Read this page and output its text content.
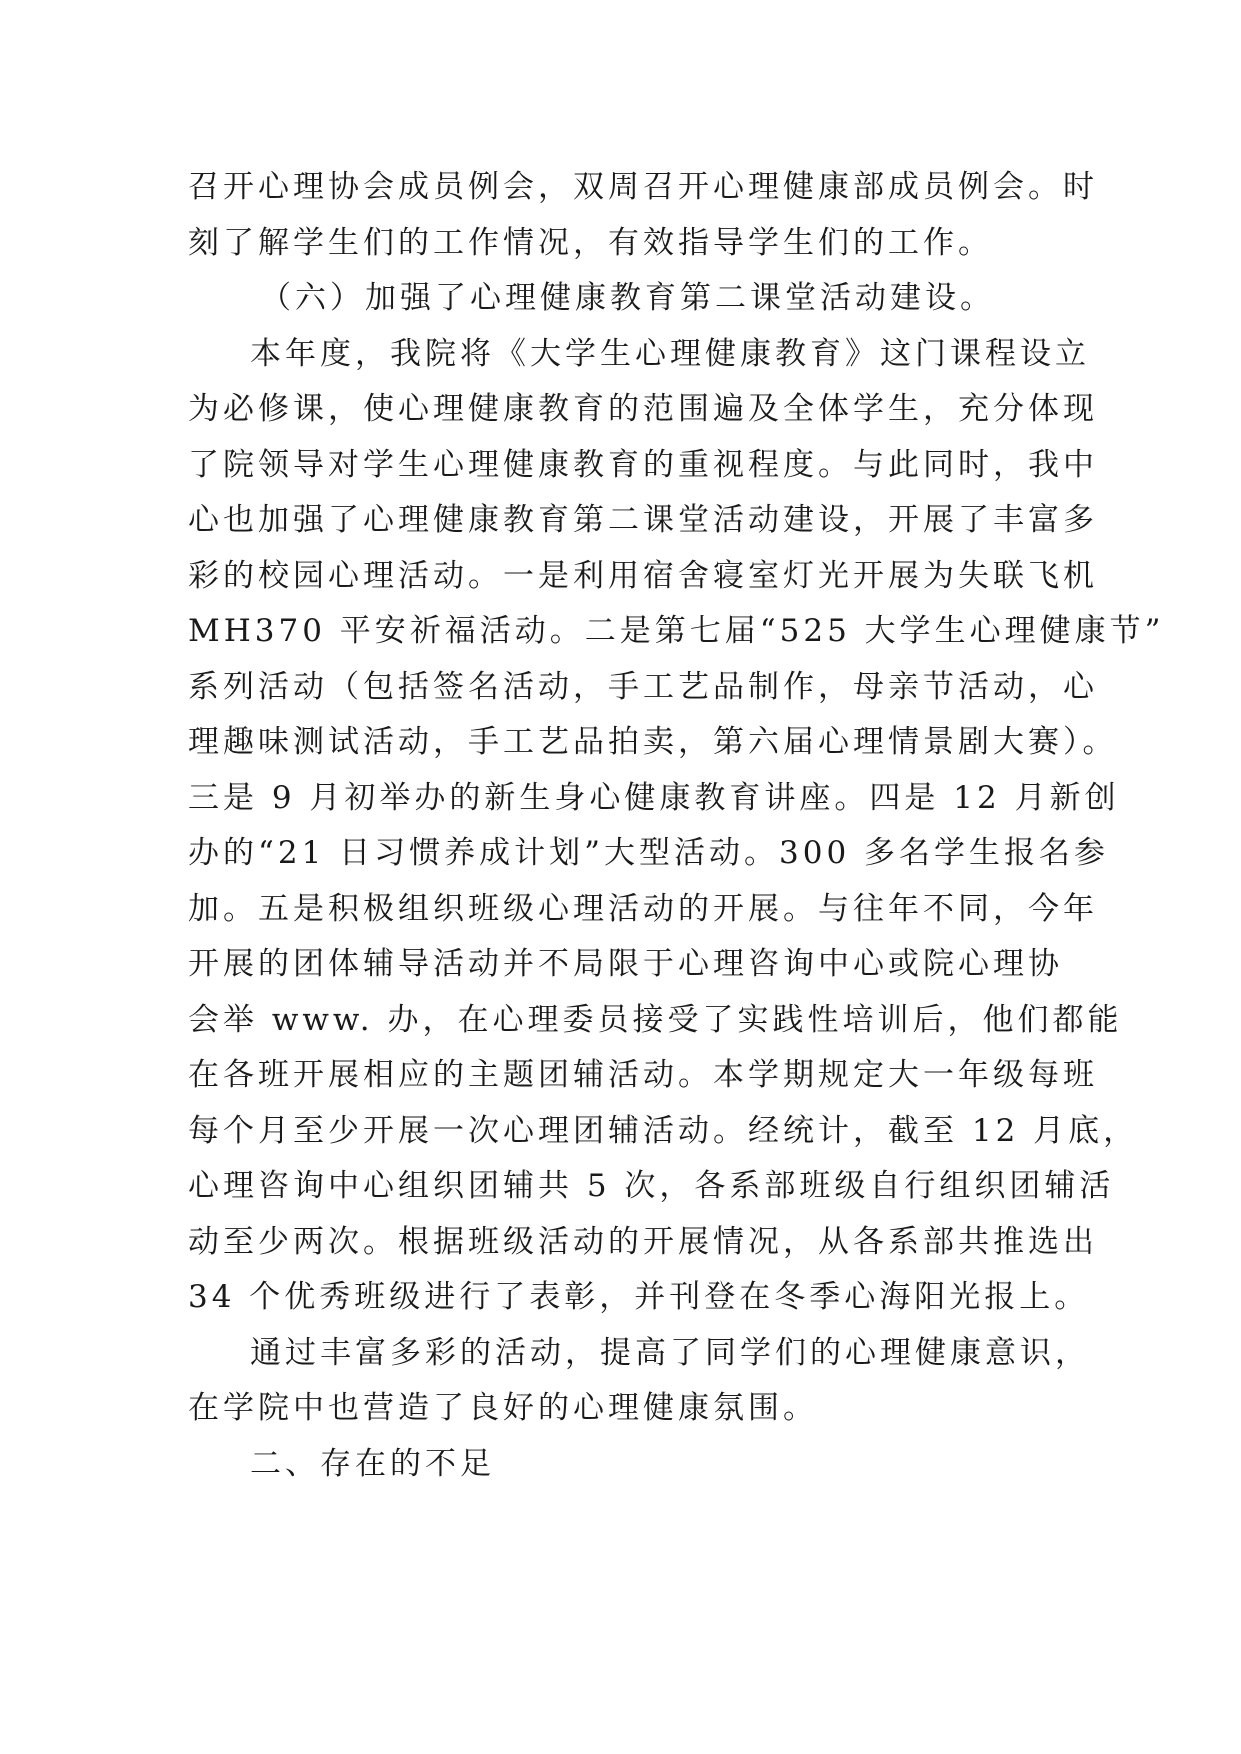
召开心理协会成员例会，双周召开心理健康部成员例会。时
刻了解学生们的工作情况，有效指导学生们的工作。
（六）加强了心理健康教育第二课堂活动建设。
本年度，我院将《大学生心理健康教育》这门课程设立
为必修课，使心理健康教育的范围遍及全体学生，充分体现
了院领导对学生心理健康教育的重视程度。与此同时，我中
心也加强了心理健康教育第二课堂活动建设，开展了丰富多
彩的校园心理活动。一是利用宿舍寝室灯光开展为失联飞机
MH370 平安祈福活动。二是第七届“525 大学生心理健康节”
系列活动（包括签名活动，手工艺品制作，母亲节活动，心
理趣味测试活动，手工艺品拍卖，第六届心理情景剧大赛）。
三是 9 月初举办的新生身心健康教育讲座。四是 12 月新创
办的“21 日习惯养成计划”大型活动。300 多名学生报名参
加。五是积极组织班级心理活动的开展。与往年不同，今年
开展的团体辅导活动并不局限于心理咨询中心或院心理协
会举 www. 办，在心理委员接受了实践性培训后，他们都能
在各班开展相应的主题团辅活动。本学期规定大一年级每班
每个月至少开展一次心理团辅活动。经统计，截至 12 月底，
心理咨询中心组织团辅共 5 次，各系部班级自行组织团辅活
动至少两次。根据班级活动的开展情况，从各系部共推选出
34 个优秀班级进行了表彰，并刊登在冬季心海阳光报上。
通过丰富多彩的活动，提高了同学们的心理健康意识，
在学院中也营造了良好的心理健康氛围。
二、存在的不足
